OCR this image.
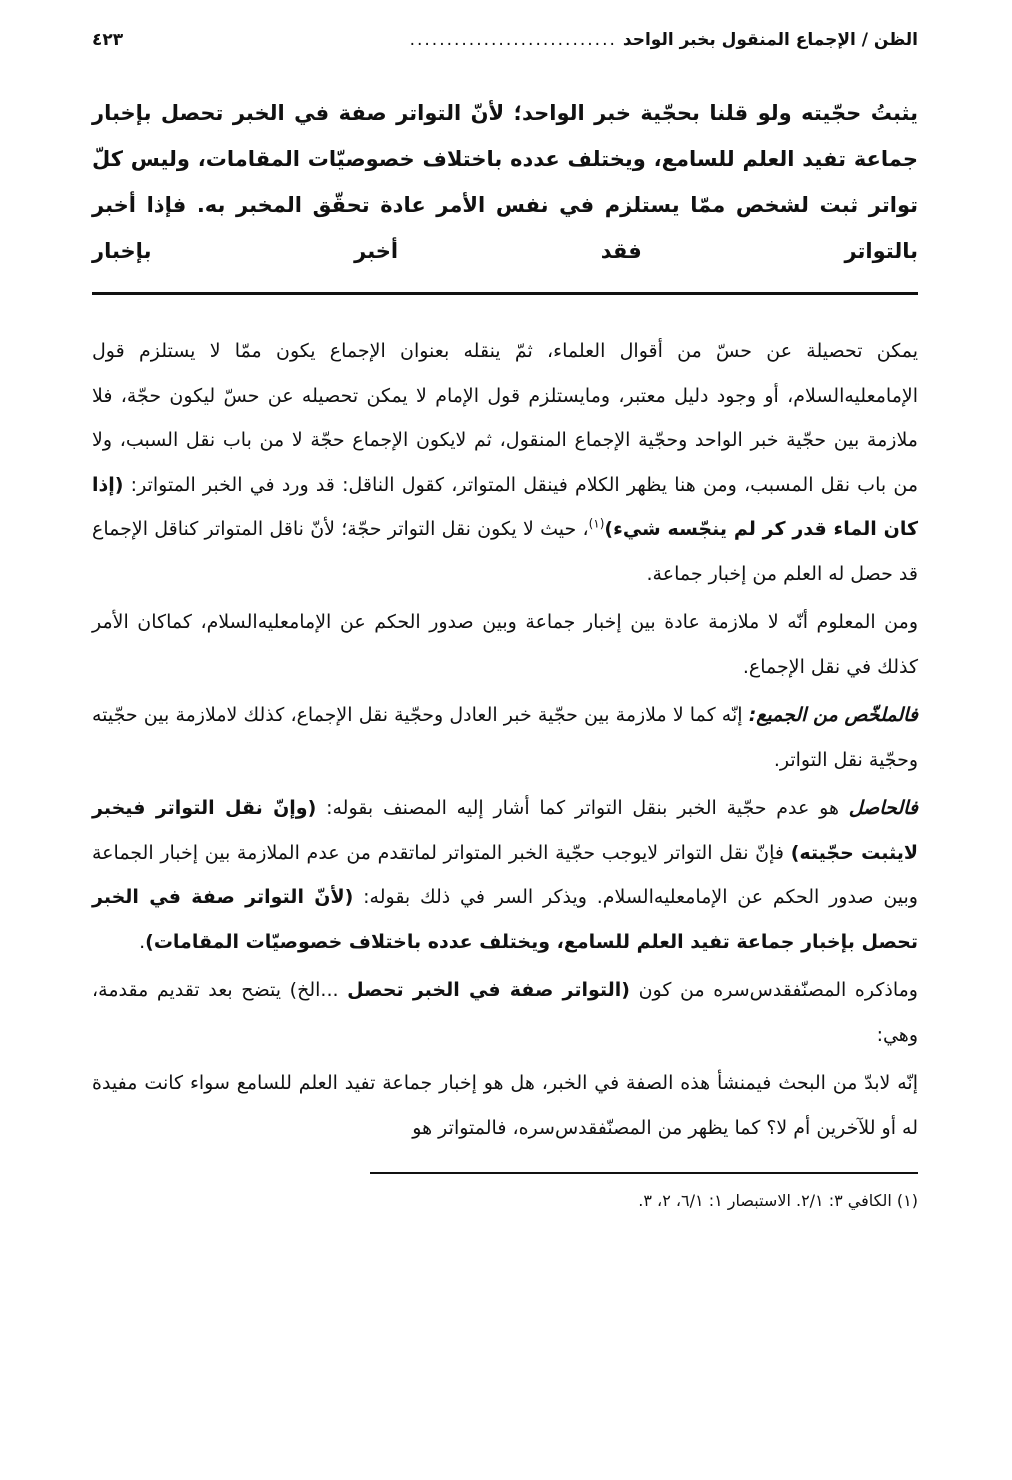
الظن / الإجماع المنقول بخبر الواحد
............................
٤٢٣
يثبتُ حجّيته ولو قلنا بحجّية خبر الواحد؛ لأنّ التواتر صفة في الخبر تحصل بإخبار جماعة تفيد العلم للسامع، ويختلف عدده باختلاف خصوصيّات المقامات، وليس كلّ تواتر ثبت لشخص ممّا يستلزم في نفس الأمر عادة تحقّق المخبر به. فإذا أخبر بالتواتر فقد أخبر بإخبار

يمكن تحصيلة عن حسّ من أقوال العلماء، ثمّ ينقله بعنوان الإجماع يكون ممّا لا يستلزم قول الإمامعليه‌السلام، أو وجود دليل معتبر، ومايستلزم قول الإمام لا يمكن تحصيله عن حسّ ليكون حجّة، فلا ملازمة بين حجّية خبر الواحد وحجّية الإجماع المنقول، ثم لايكون الإجماع حجّة لا من باب نقل السبب، ولا من باب نقل المسبب، ومن هنا يظهر الكلام فينقل المتواتر، كقول الناقل: قد ورد في الخبر المتواتر: (إذا كان الماء قدر كر لم ينجّسه شيء)$^{(١)}$، حيث لا يكون نقل التواتر حجّة؛ لأنّ ناقل المتواتر كناقل الإجماع قد حصل له العلم من إخبار جماعة.

ومن المعلوم أنّه لا ملازمة عادة بين إخبار جماعة وبين صدور الحكم عن الإمامعليه‌السلام، كماكان الأمر كذلك في نقل الإجماع.

فالملخّص من الجميع: إنّه كما لا ملازمة بين حجّية خبر العادل وحجّية نقل الإجماع، كذلك لاملازمة بين حجّيته وحجّية نقل التواتر.

فالحاصل هو عدم حجّية الخبر بنقل التواتر كما أشار إليه المصنف بقوله: (وإنّ نقل التواتر فيخبر لايثبت حجّيته) فإنّ نقل التواتر لايوجب حجّية الخبر المتواتر لماتقدم من عدم الملازمة بين إخبار الجماعة وبين صدور الحكم عن الإمامعليه‌السلام. ويذكر السر في ذلك بقوله: (لأنّ التواتر صفة في الخبر تحصل بإخبار جماعة تفيد العلم للسامع، ويختلف عدده باختلاف خصوصيّات المقامات).

وماذكره المصنّفقدس‌سره من كون (التواتر صفة في الخبر تحصل ...الخ) يتضح بعد تقديم مقدمة، وهي:

إنّه لابدّ من البحث فيمنشأ هذه الصفة في الخبر، هل هو إخبار جماعة تفيد العلم للسامع سواء كانت مفيدة له أو للآخرين أم لا؟ كما يظهر من المصنّفقدس‌سره، فالمتواتر هو

(١) الكافي ٣: ٢/١. الاستبصار ١: ٦/١، ٢، ٣.
